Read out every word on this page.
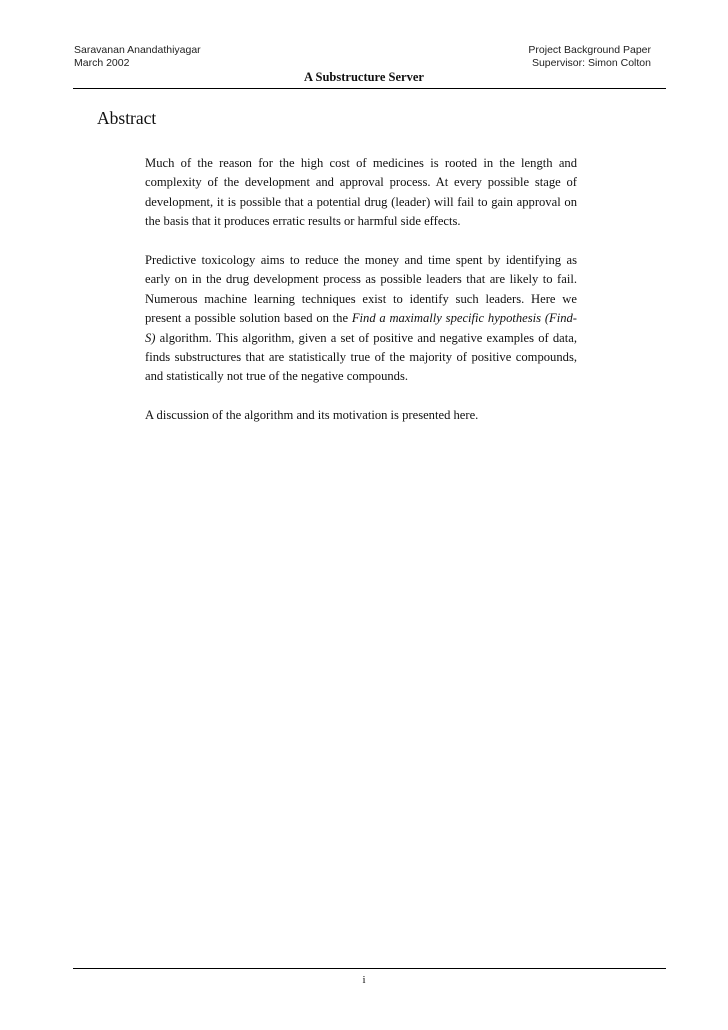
Saravanan Anandathiyagar
March 2002
Project Background Paper
Supervisor: Simon Colton
A Substructure Server
Abstract

Much of the reason for the high cost of medicines is rooted in the length and complexity of the development and approval process. At every possible stage of development, it is possible that a potential drug (leader) will fail to gain approval on the basis that it produces erratic results or harmful side effects.

Predictive toxicology aims to reduce the money and time spent by identifying as early on in the drug development process as possible leaders that are likely to fail. Numerous machine learning techniques exist to identify such leaders. Here we present a possible solution based on the Find a maximally specific hypothesis (Find-S) algorithm. This algorithm, given a set of positive and negative examples of data, finds substructures that are statistically true of the majority of positive compounds, and statistically not true of the negative compounds.

A discussion of the algorithm and its motivation is presented here.

i
